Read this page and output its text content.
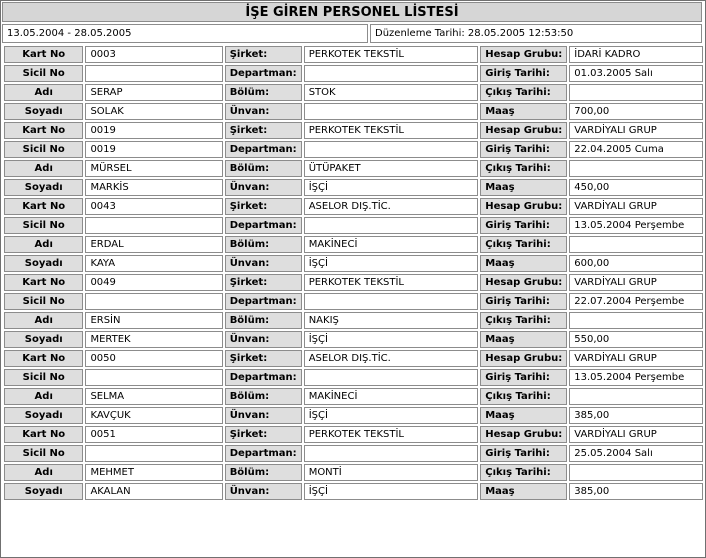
İŞE GİREN PERSONEL LİSTESİ
13.05.2004 - 28.05.2005	Düzenleme Tarihi: 28.05.2005 12:53:50
Kart No	0003	Şirket:	PERKOTEK TEKSTİL	Hesap Grubu:	İDARİ KADRO
Sicil No		Departman:		Giriş Tarihi:	01.03.2005 Salı
Adı	SERAP	Bölüm:	STOK	Çıkış Tarihi:	
Soyadı	SOLAK	Ünvan:		Maaş	700,00
Kart No	0019	Şirket:	PERKOTEK TEKSTİL	Hesap Grubu:	VARDİYALI GRUP
Sicil No	0019	Departman:		Giriş Tarihi:	22.04.2005 Cuma
Adı	MÜRSEL	Bölüm:	ÜTÜPAKET	Çıkış Tarihi:	
Soyadı	MARKİS	Ünvan:	İŞÇİ	Maaş	450,00
Kart No	0043	Şirket:	ASELOR DIŞ.TİC.	Hesap Grubu:	VARDİYALI GRUP
Sicil No		Departman:		Giriş Tarihi:	13.05.2004 Perşembe
Adı	ERDAL	Bölüm:	MAKİNECİ	Çıkış Tarihi:	
Soyadı	KAYA	Ünvan:	İŞÇİ	Maaş	600,00
Kart No	0049	Şirket:	PERKOTEK TEKSTİL	Hesap Grubu:	VARDİYALI GRUP
Sicil No		Departman:		Giriş Tarihi:	22.07.2004 Perşembe
Adı	ERSİN	Bölüm:	NAKIŞ	Çıkış Tarihi:	
Soyadı	MERTEK	Ünvan:	İŞÇİ	Maaş	550,00
Kart No	0050	Şirket:	ASELOR DIŞ.TİC.	Hesap Grubu:	VARDİYALI GRUP
Sicil No		Departman:		Giriş Tarihi:	13.05.2004 Perşembe
Adı	SELMA	Bölüm:	MAKİNECİ	Çıkış Tarihi:	
Soyadı	KAVÇUK	Ünvan:	İŞÇİ	Maaş	385,00
Kart No	0051	Şirket:	PERKOTEK TEKSTİL	Hesap Grubu:	VARDİYALI GRUP
Sicil No		Departman:		Giriş Tarihi:	25.05.2004 Salı
Adı	MEHMET	Bölüm:	MONTİ	Çıkış Tarihi:	
Soyadı	AKALAN	Ünvan:	İŞÇİ	Maaş	385,00
